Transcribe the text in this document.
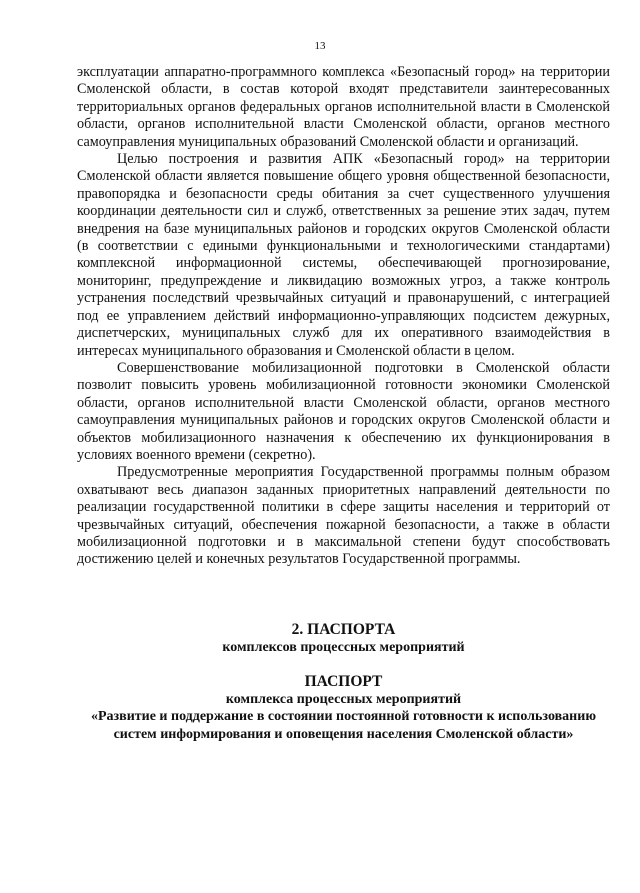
13

эксплуатации аппаратно-программного комплекса «Безопасный город» на территории Смоленской области, в состав которой входят представители заинтересованных территориальных органов федеральных органов исполнительной власти в Смоленской области, органов исполнительной власти Смоленской области, органов местного самоуправления муниципальных образований Смоленской области и организаций.

Целью построения и развития АПК «Безопасный город» на территории Смоленской области является повышение общего уровня общественной безопасности, правопорядка и безопасности среды обитания за счет существенного улучшения координации деятельности сил и служб, ответственных за решение этих задач, путем внедрения на базе муниципальных районов и городских округов Смоленской области (в соответствии с едиными функциональными и технологическими стандартами) комплексной информационной системы, обеспечивающей прогнозирование, мониторинг, предупреждение и ликвидацию возможных угроз, а также контроль устранения последствий чрезвычайных ситуаций и правонарушений, с интеграцией под ее управлением действий информационно-управляющих подсистем дежурных, диспетчерских, муниципальных служб для их оперативного взаимодействия в интересах муниципального образования и Смоленской области в целом.

Совершенствование мобилизационной подготовки в Смоленской области позволит повысить уровень мобилизационной готовности экономики Смоленской области, органов исполнительной власти Смоленской области, органов местного самоуправления муниципальных районов и городских округов Смоленской области и объектов мобилизационного назначения к обеспечению их функционирования в условиях военного времени (секретно).

Предусмотренные мероприятия Государственной программы полным образом охватывают весь диапазон заданных приоритетных направлений деятельности по реализации государственной политики в сфере защиты населения и территорий от чрезвычайных ситуаций, обеспечения пожарной безопасности, а также в области мобилизационной подготовки и в максимальной степени будут способствовать достижению целей и конечных результатов Государственной программы.

2. ПАСПОРТА
комплексов процессных мероприятий
ПАСПОРТ
комплекса процессных мероприятий
«Развитие и поддержание в состоянии постоянной готовности к использованию систем информирования и оповещения населения Смоленской области»
